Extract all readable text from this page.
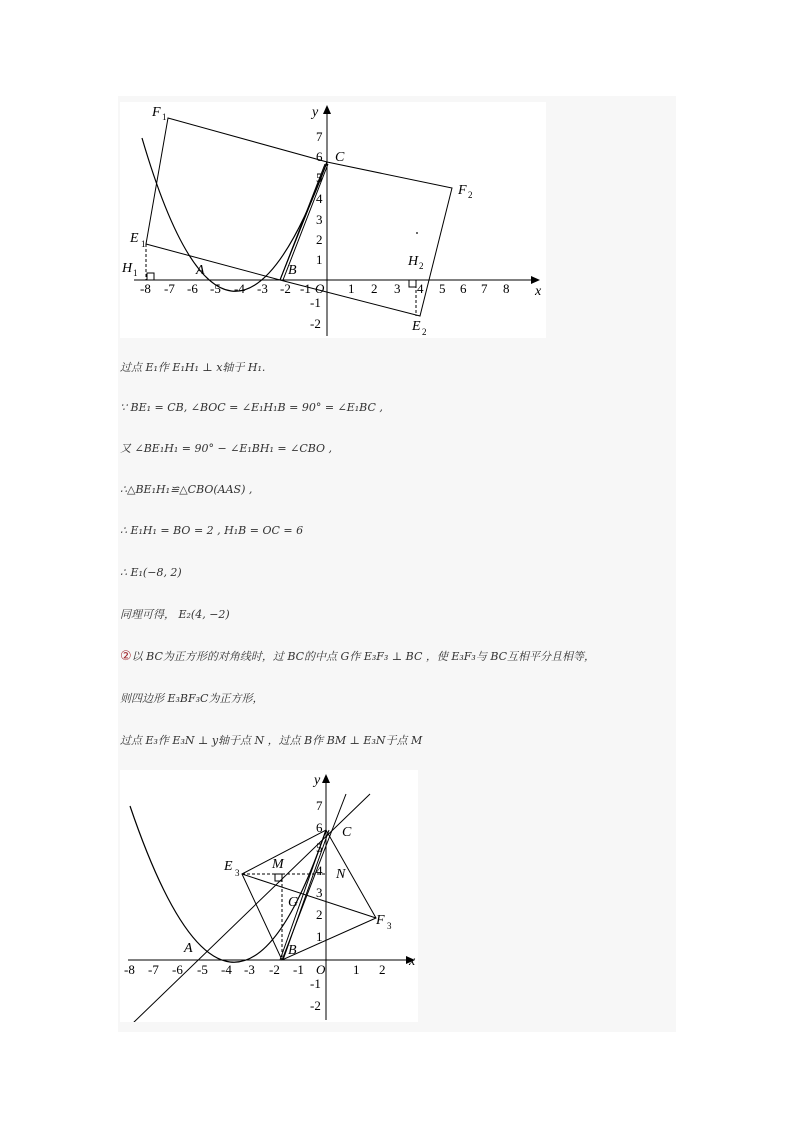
-8 -7 -6 -5 -4 -3 -2 -1 O 1 2 3 4 5 6 7 8
7
6
5
4
3
2
1
-1
-2
x
y
F 1
F 2
E 1
E 2
H 1
H 2
A	B
C
过点 E₁作 E₁H₁ ⊥ x轴于 H₁.
∵ BE₁ = CB, ∠BOC = ∠E₁H₁B = 90° = ∠E₁BC ,
又 ∠BE₁H₁ = 90° − ∠E₁BH₁ = ∠CBO ,
∴△BE₁H₁≌△CBO(AAS) ,
∴ E₁H₁ = BO = 2 , H₁B = OC = 6
∴ E₁(−8, 2)
同理可得， E₂(4, −2)
②以 BC为正方形的对角线时，过 BC的中点 G作 E₃F₃ ⊥ BC ，使 E₃F₃与 BC互相平分且相等，
则四边形 E₃BF₃C为正方形，
过点 E₃作 E₃N ⊥ y轴于点 N ，过点 B作 BM ⊥ E₃N于点 M
-8 -7 -6 -5 -4 -3 -2 -1 O 1 2
7
6
5
4
3
2
1
-1
-2
x
y
E 3
F 3
M
N
G
A	B
C
